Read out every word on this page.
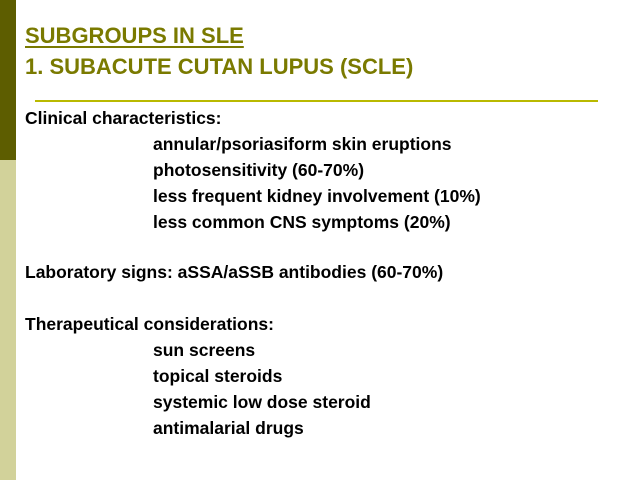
SUBGROUPS IN SLE
1. SUBACUTE CUTAN LUPUS (SCLE)
Clinical characteristics:
annular/psoriasiform skin eruptions
photosensitivity (60-70%)
less frequent kidney involvement (10%)
less common CNS symptoms (20%)
Laboratory signs: aSSA/aSSB antibodies (60-70%)
Therapeutical considerations:
sun screens
topical steroids
systemic low dose steroid
antimalarial drugs
